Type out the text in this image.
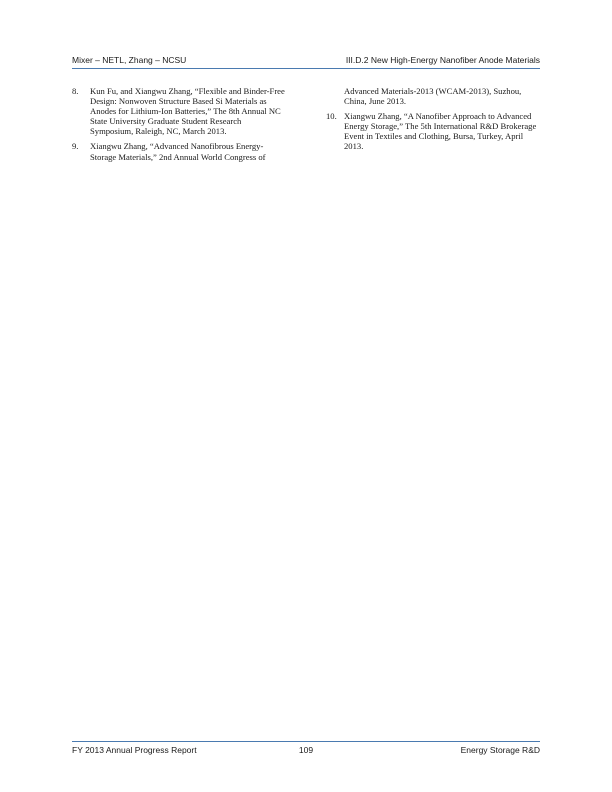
Mixer – NETL, Zhang – NCSU	III.D.2 New High-Energy Nanofiber Anode Materials
8. Kun Fu, and Xiangwu Zhang, “Flexible and Binder-Free Design: Nonwoven Structure Based Si Materials as Anodes for Lithium-Ion Batteries,” The 8th Annual NC State University Graduate Student Research Symposium, Raleigh, NC, March 2013.
9. Xiangwu Zhang, “Advanced Nanofibrous Energy-Storage Materials,” 2nd Annual World Congress of
Advanced Materials-2013 (WCAM-2013), Suzhou, China, June 2013.
10. Xiangwu Zhang, “A Nanofiber Approach to Advanced Energy Storage,” The 5th International R&D Brokerage Event in Textiles and Clothing, Bursa, Turkey, April 2013.
FY 2013 Annual Progress Report	109	Energy Storage R&D
